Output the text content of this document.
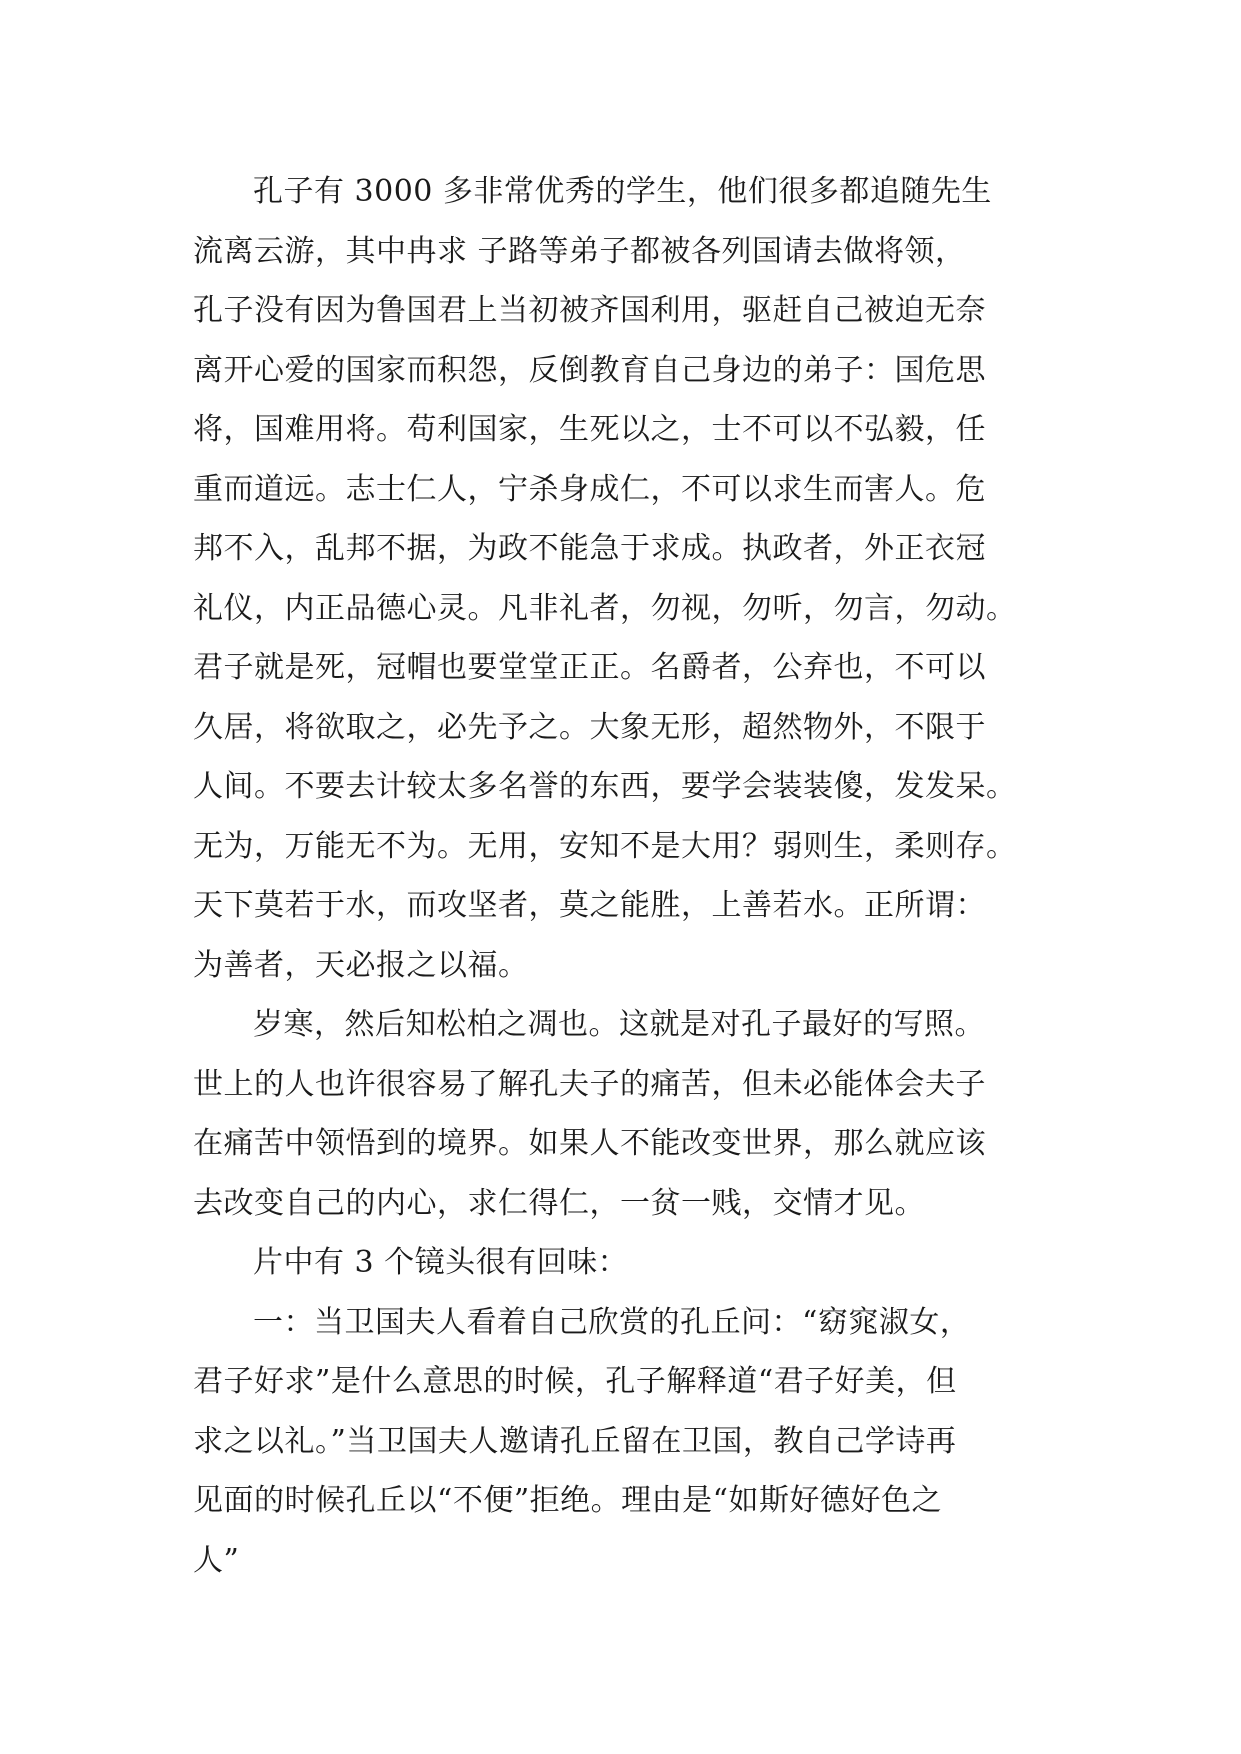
孔子有 3000 多非常优秀的学生，他们很多都追随先生
流离云游，其中冉求 子路等弟子都被各列国请去做将领，
孔子没有因为鲁国君上当初被齐国利用，驱赶自己被迫无奈
离开心爱的国家而积怨，反倒教育自己身边的弟子：国危思
将，国难用将。苟利国家，生死以之，士不可以不弘毅，任
重而道远。志士仁人，宁杀身成仁，不可以求生而害人。危
邦不入，乱邦不据，为政不能急于求成。执政者，外正衣冠
礼仪，内正品德心灵。凡非礼者，勿视，勿听，勿言，勿动。
君子就是死，冠帽也要堂堂正正。名爵者，公弃也，不可以
久居，将欲取之，必先予之。大象无形，超然物外，不限于
人间。不要去计较太多名誉的东西，要学会装装傻，发发呆。
无为，万能无不为。无用，安知不是大用？弱则生，柔则存。
天下莫若于水，而攻坚者，莫之能胜，上善若水。正所谓：
为善者，天必报之以福。
岁寒，然后知松柏之凋也。这就是对孔子最好的写照。
世上的人也许很容易了解孔夫子的痛苦，但未必能体会夫子
在痛苦中领悟到的境界。如果人不能改变世界，那么就应该
去改变自己的内心，求仁得仁，一贫一贱，交情才见。
片中有 3 个镜头很有回味：
一：当卫国夫人看着自己欣赏的孔丘问：“窈窕淑女，
君子好求”是什么意思的时候，孔子解释道“君子好美，但
求之以礼。”当卫国夫人邀请孔丘留在卫国，教自己学诗再
见面的时候孔丘以“不便”拒绝。理由是“如斯好德好色之
人”
